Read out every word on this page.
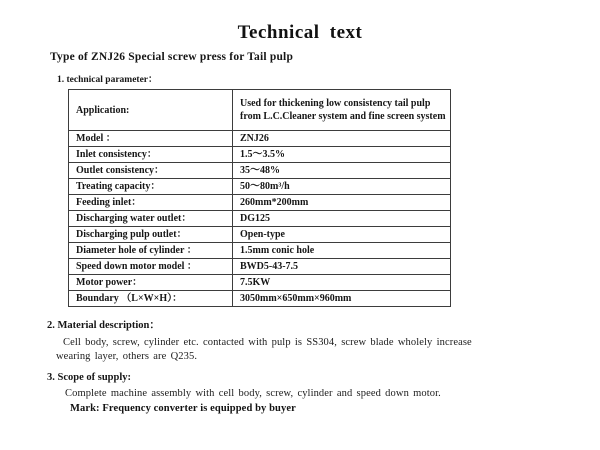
Technical text
Type of ZNJ26 Special screw press for Tail pulp
1. technical parameter：
Application:	Used for thickening low consistency tail pulp from L.C.Cleaner system and fine screen system
Model ：	ZNJ26
Inlet consistency：	1.5～3.5%
Outlet consistency：	35～48%
Treating capacity：	50～80m³/h
Feeding inlet：	260mm*200mm
Discharging water outlet：	DG125
Discharging pulp outlet：	Open-type
Diameter hole of cylinder ：	1.5mm conic hole
Speed down motor model ：	BWD5-43-7.5
Motor power：	7.5KW
Boundary （L×W×H）：	3050mm×650mm×960mm
2. Material description：
Cell body, screw, cylinder etc. contacted with pulp is SS304, screw blade wholely increase
wearing layer, others are Q235.
3. Scope of supply:
Complete machine assembly with cell body, screw, cylinder and speed down motor.
Mark: Frequency converter is equipped by buyer
